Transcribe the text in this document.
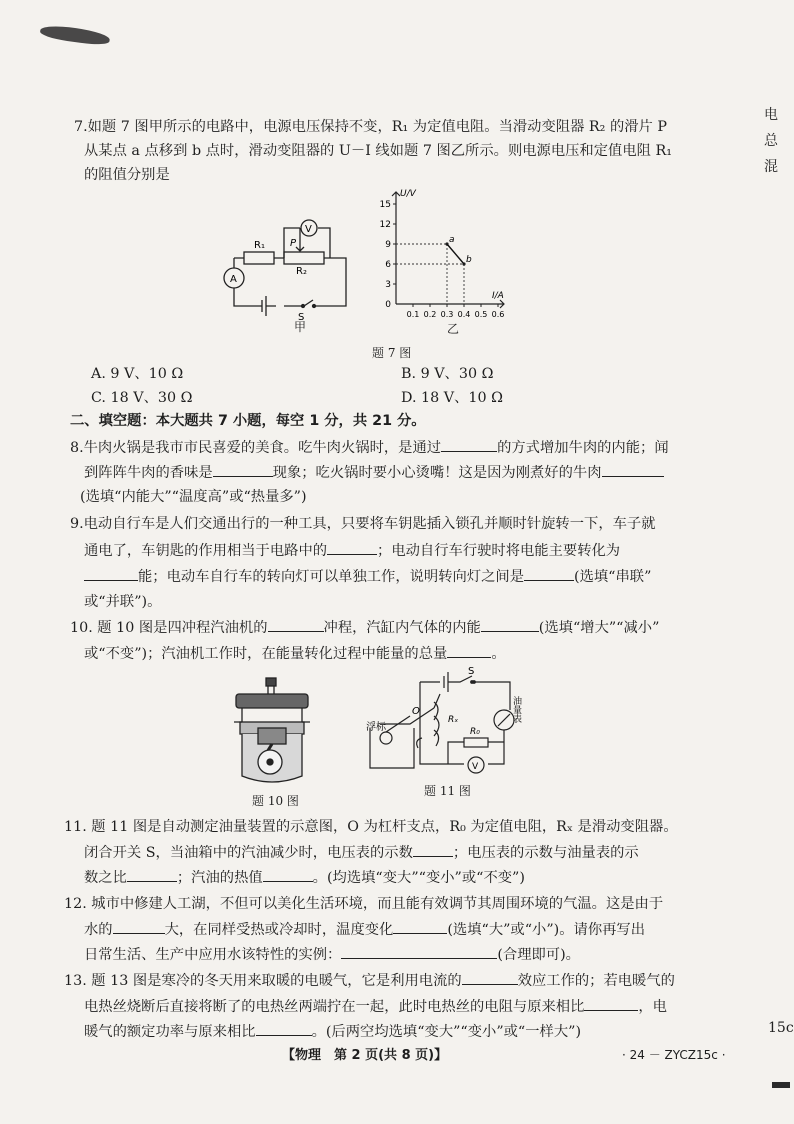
电
总
混
15c
7.如题 7 图甲所示的电路中，电源电压保持不变，R₁ 为定值电阻。当滑动变阻器 R₂ 的滑片 P
从某点 a 点移到 b 点时，滑动变阻器的 U－I 线如题 7 图乙所示。则电源电压和定值电阻 R₁
的阻值分别是
R₁	P
R₂
V
A
S
甲
0
3
6
9
12
15
0.1 0.2 0.3 0.4 0.5 0.6
a
b
U/V
I/A
乙
题 7 图
A. 9 V、10 Ω	B. 9 V、30 Ω
C. 18 V、30 Ω	D. 18 V、10 Ω
二、填空题：本大题共 7 小题，每空 1 分，共 21 分。
8.牛肉火锅是我市市民喜爱的美食。吃牛肉火锅时，是通过	的方式增加牛肉的内能；闻
到阵阵牛肉的香味是	现象；吃火锅时要小心烫嘴！这是因为刚煮好的牛肉
(选填“内能大”“温度高”或“热量多”)
9.电动自行车是人们交通出行的一种工具，只要将车钥匙插入锁孔并顺时针旋转一下，车子就
通电了，车钥匙的作用相当于电路中的	；电动自行车行驶时将电能主要转化为
能；电动车自行车的转向灯可以单独工作，说明转向灯之间是	(选填“串联”
或“并联”)。
10. 题 10 图是四冲程汽油机的	冲程，汽缸内气体的内能	(选填“增大”“减小”
或“不变”)；汽油机工作时，在能量转化过程中能量的总量	。
题 10 图
S
O
浮标
Rₓ
R₀
油量表
V
题 11 图
11. 题 11 图是自动测定油量装置的示意图，O 为杠杆支点，R₀ 为定值电阻，Rₓ 是滑动变阻器。
闭合开关 S，当油箱中的汽油减少时，电压表的示数	；电压表的示数与油量表的示
数之比	；汽油的热值	。(均选填“变大”“变小”或“不变”)
12. 城市中修建人工湖，不但可以美化生活环境，而且能有效调节其周围环境的气温。这是由于
水的	大，在同样受热或冷却时，温度变化	(选填“大”或“小”)。请你再写出
日常生活、生产中应用水该特性的实例：	(合理即可)。
13. 题 13 图是寒冷的冬天用来取暖的电暖气，它是利用电流的	效应工作的；若电暖气的
电热丝烧断后直接将断了的电热丝两端拧在一起，此时电热丝的电阻与原来相比	，电
暖气的额定功率与原来相比	。(后两空均选填“变大”“变小”或“一样大”)
【物理　第 2 页(共 8 页)】	· 24 － ZYCZ15c ·
